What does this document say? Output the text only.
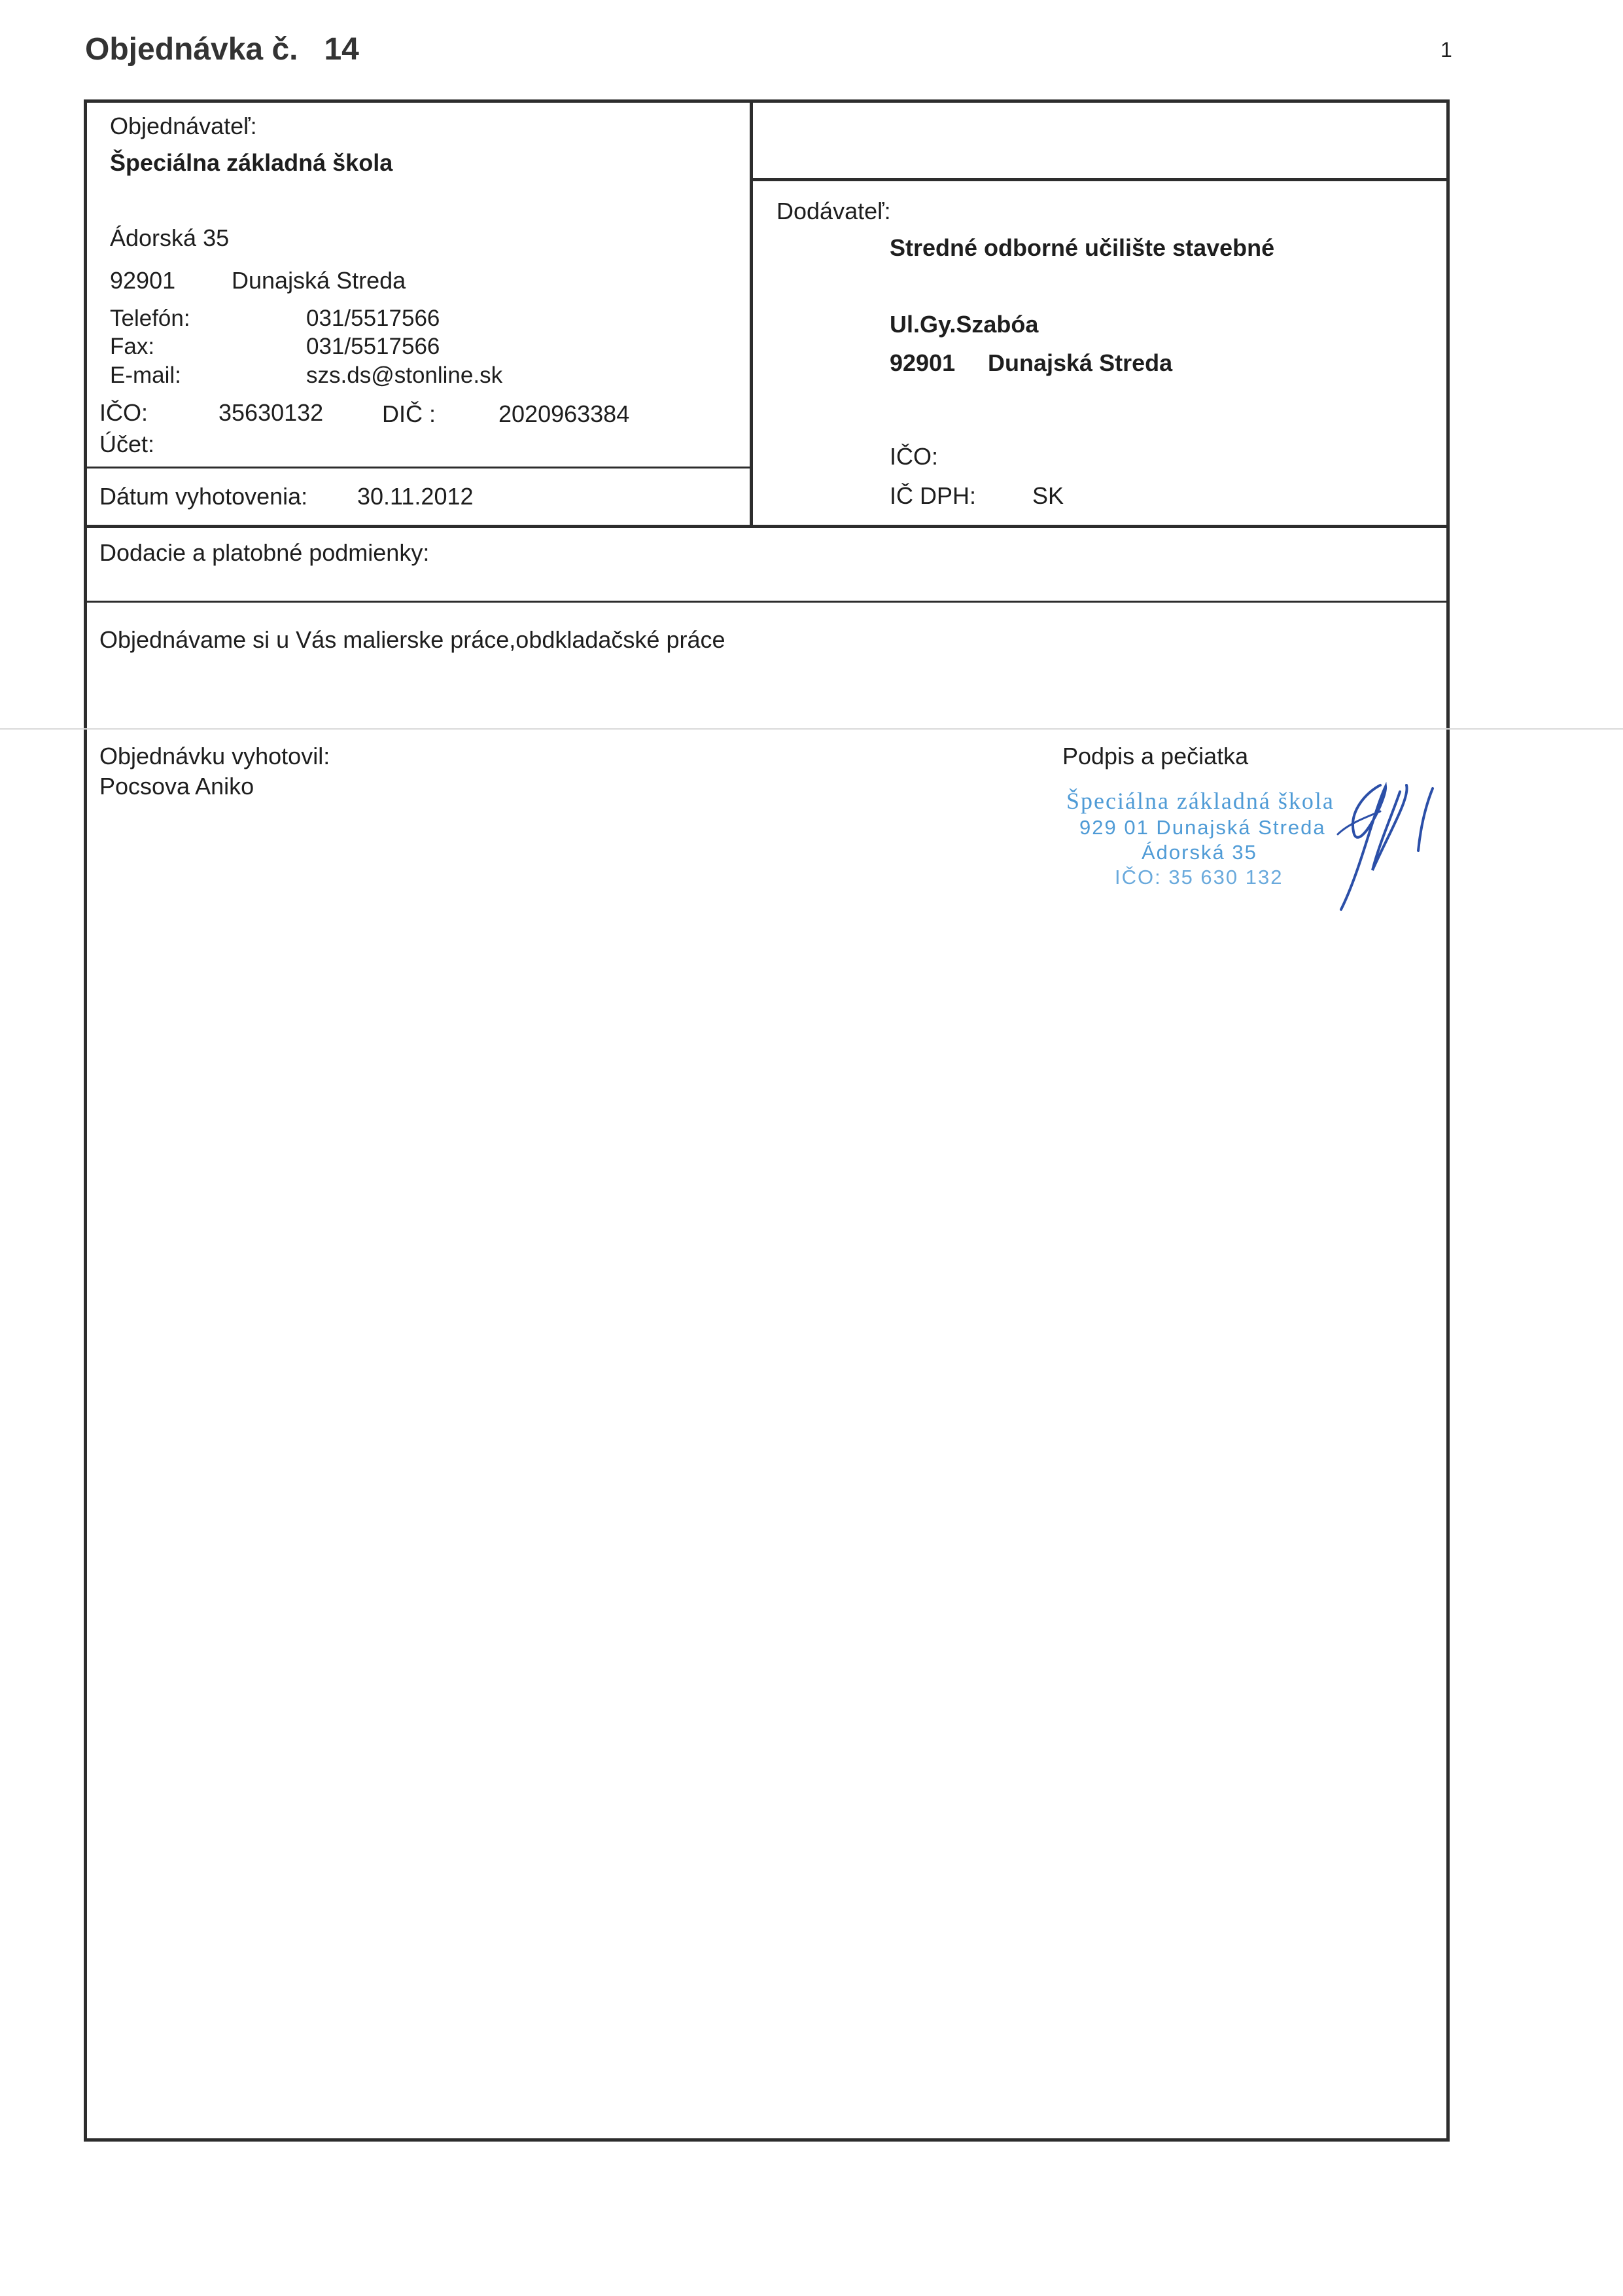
Objednávka č. 14	1
Objednávateľ:
Špeciálna základná škola
Ádorská 35
92901 Dunajská Streda
Telefón:	031/5517566
Fax:	031/5517566
E-mail:	szs.ds@stonline.sk
IČO:	35630132 DIČ :	2020963384
Účet:
Dátum vyhotovenia: 30.11.2012
Dodávateľ:
Stredné odborné učilište stavebné
Ul.Gy.Szabóa
92901 Dunajská Streda
IČO:
IČ DPH: SK
Dodacie a platobné podmienky:
Objednávame si u Vás malierske práce,obdkladačské práce
Objednávku vyhotovil:
Pocsova Aniko
Podpis a pečiatka
Špeciálna základná škola
929 01 Dunajská Streda
Ádorská 35
IČO: 35 630 132
